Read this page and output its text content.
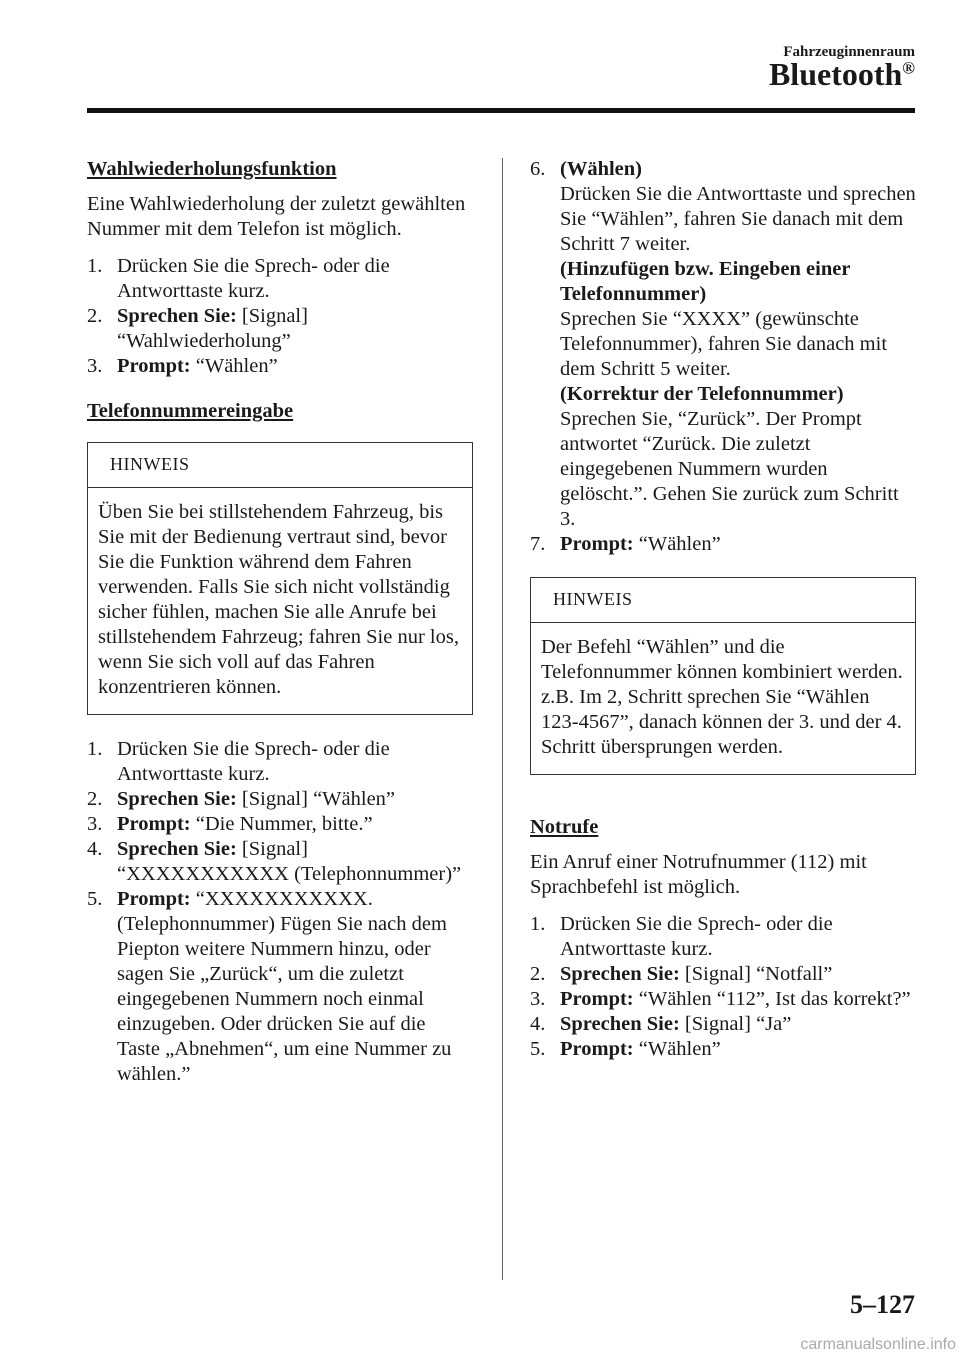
Fahrzeuginnenraum
Bluetooth®
Wahlwiederholungsfunktion
Eine Wahlwiederholung der zuletzt gewählten Nummer mit dem Telefon ist möglich.
1. Drücken Sie die Sprech- oder die Antworttaste kurz.
2. Sprechen Sie: [Signal] “Wahlwiederholung”
3. Prompt: “Wählen”
Telefonnummereingabe
HINWEIS
Üben Sie bei stillstehendem Fahrzeug, bis Sie mit der Bedienung vertraut sind, bevor Sie die Funktion während dem Fahren verwenden. Falls Sie sich nicht vollständig sicher fühlen, machen Sie alle Anrufe bei stillstehendem Fahrzeug; fahren Sie nur los, wenn Sie sich voll auf das Fahren konzentrieren können.
1. Drücken Sie die Sprech- oder die Antworttaste kurz.
2. Sprechen Sie: [Signal] “Wählen”
3. Prompt: “Die Nummer, bitte.”
4. Sprechen Sie: [Signal] “XXXXXXXXXXX (Telephonnummer)”
5. Prompt: “XXXXXXXXXXX. (Telephonnummer) Fügen Sie nach dem Piepton weitere Nummern hinzu, oder sagen Sie „Zurück“, um die zuletzt eingegebenen Nummern noch einmal einzugeben. Oder drücken Sie auf die Taste „Abnehmen“, um eine Nummer zu wählen.”
6. (Wählen)
Drücken Sie die Antworttaste und sprechen Sie “Wählen”, fahren Sie danach mit dem Schritt 7 weiter.
(Hinzufügen bzw. Eingeben einer Telefonnummer)
Sprechen Sie “XXXX” (gewünschte Telefonnummer), fahren Sie danach mit dem Schritt 5 weiter.
(Korrektur der Telefonnummer)
Sprechen Sie, “Zurück”. Der Prompt antwortet “Zurück. Die zuletzt eingegebenen Nummern wurden gelöscht.”. Gehen Sie zurück zum Schritt 3.
7. Prompt: “Wählen”
HINWEIS
Der Befehl “Wählen” und die Telefonnummer können kombiniert werden.
z.B. Im 2, Schritt sprechen Sie “Wählen 123-4567”, danach können der 3. und der 4. Schritt übersprungen werden.
Notrufe
Ein Anruf einer Notrufnummer (112) mit Sprachbefehl ist möglich.
1. Drücken Sie die Sprech- oder die Antworttaste kurz.
2. Sprechen Sie: [Signal] “Notfall”
3. Prompt: “Wählen “112”, Ist das korrekt?”
4. Sprechen Sie: [Signal] “Ja”
5. Prompt: “Wählen”
5–127
carmanualsonline.info
